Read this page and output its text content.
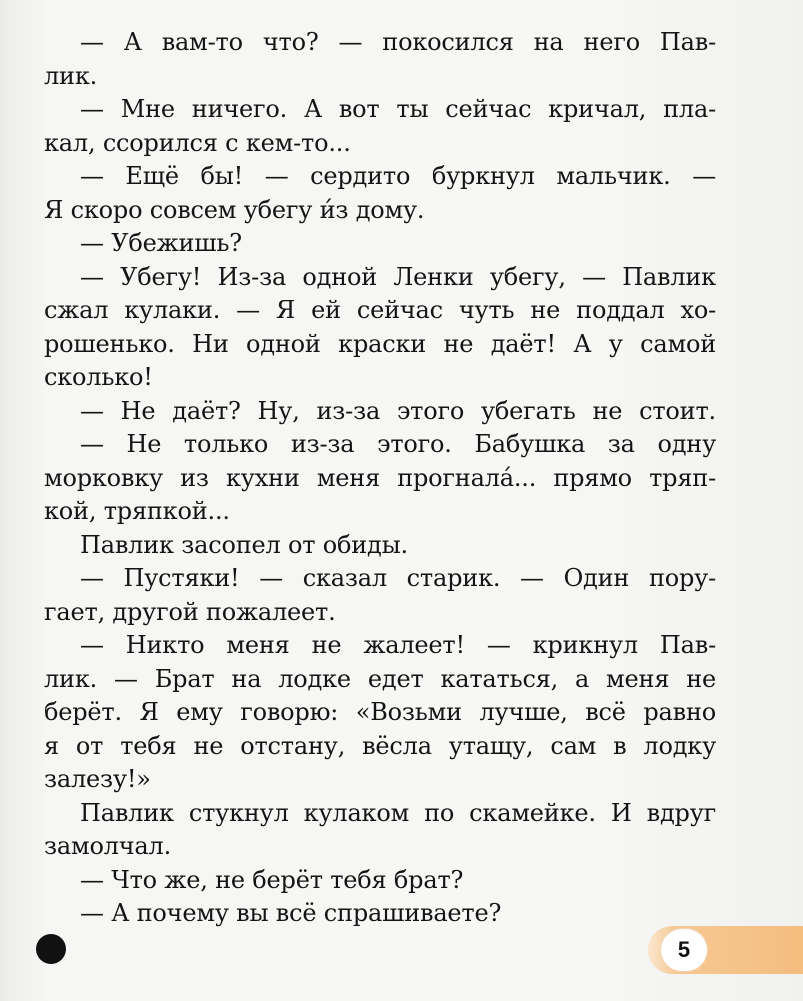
— А вам-то что? — покосился на него Пав-
лик.
— Мне ничего. А вот ты сейчас кричал, пла-
кал, ссорился с кем-то...
— Ещё бы! — сердито буркнул мальчик. —
Я скоро совсем убегу и́з дому.
— Убежишь?
— Убегу! Из-за одной Ленки убегу, — Павлик
сжал кулаки. — Я ей сейчас чуть не поддал хо-
рошенько. Ни одной краски не даёт! А у самой
сколько!
— Не даёт? Ну, из-за этого убегать не стоит.
— Не только из-за этого. Бабушка за одну
морковку из кухни меня прогнала́... прямо тряп-
кой, тряпкой...
Павлик засопел от обиды.
— Пустяки! — сказал старик. — Один пору-
гает, другой пожалеет.
— Никто меня не жалеет! — крикнул Пав-
лик. — Брат на лодке едет кататься, а меня не
берёт. Я ему говорю: «Возьми лучше, всё равно
я от тебя не отстану, вёсла утащу, сам в лодку
залезу!»
Павлик стукнул кулаком по скамейке. И вдруг
замолчал.
— Что же, не берёт тебя брат?
— А почему вы всё спрашиваете?
5
